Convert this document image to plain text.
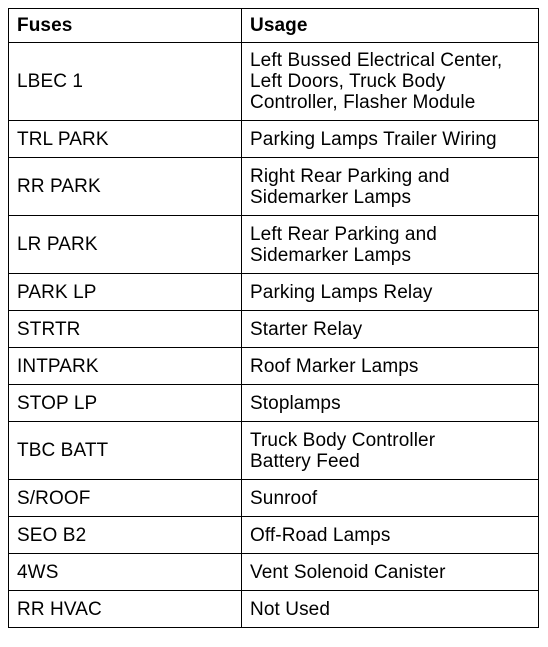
Fuses	Usage
LBEC 1	Left Bussed Electrical Center,
Left Doors, Truck Body
Controller, Flasher Module

TRL PARK	Parking Lamps Trailer Wiring

RR PARK	Right Rear Parking and
Sidemarker Lamps

LR PARK	Left Rear Parking and
Sidemarker Lamps

PARK LP	Parking Lamps Relay

STRTR	Starter Relay

INTPARK	Roof Marker Lamps

STOP LP	Stoplamps

TBC BATT	Truck Body Controller
Battery Feed

S/ROOF	Sunroof

SEO B2	Off-Road Lamps

4WS	Vent Solenoid Canister

RR HVAC	Not Used
